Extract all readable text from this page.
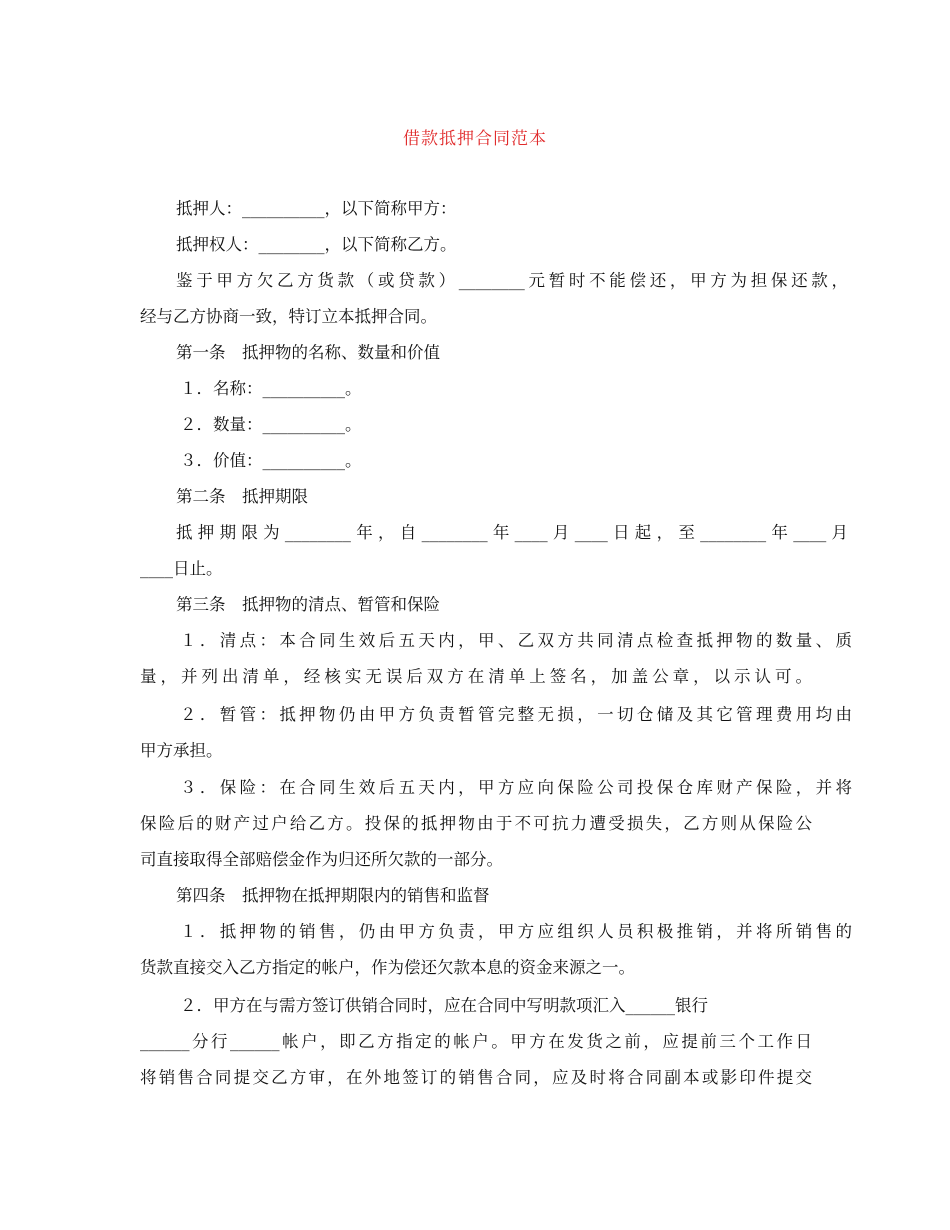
借款抵押合同范本
抵押人：__________，以下简称甲方：
抵押权人：________，以下简称乙方。
鉴于甲方欠乙方货款（或贷款）________元暂时不能偿还，甲方为担保还款，
经与乙方协商一致，特订立本抵押合同。
第一条　抵押物的名称、数量和价值
１．名称：__________。
２．数量：__________。
３．价值：__________。
第二条　抵押期限
抵押期限为________年，自________年____月____日起，至________年____月
____日止。
第三条　抵押物的清点、暂管和保险
１．清点：本合同生效后五天内，甲、乙双方共同清点检查抵押物的数量、质
量，并列出清单，经核实无误后双方在清单上签名，加盖公章，以示认可。
２．暂管：抵押物仍由甲方负责暂管完整无损，一切仓储及其它管理费用均由
甲方承担。
３．保险：在合同生效后五天内，甲方应向保险公司投保仓库财产保险，并将
保险后的财产过户给乙方。投保的抵押物由于不可抗力遭受损失，乙方则从保险公
司直接取得全部赔偿金作为归还所欠款的一部分。
第四条　抵押物在抵押期限内的销售和监督
１．抵押物的销售，仍由甲方负责，甲方应组织人员积极推销，并将所销售的
货款直接交入乙方指定的帐户，作为偿还欠款本息的资金来源之一。
２．甲方在与需方签订供销合同时，应在合同中写明款项汇入______银行
______分行______帐户，即乙方指定的帐户。甲方在发货之前，应提前三个工作日
将销售合同提交乙方审，在外地签订的销售合同，应及时将合同副本或影印件提交
